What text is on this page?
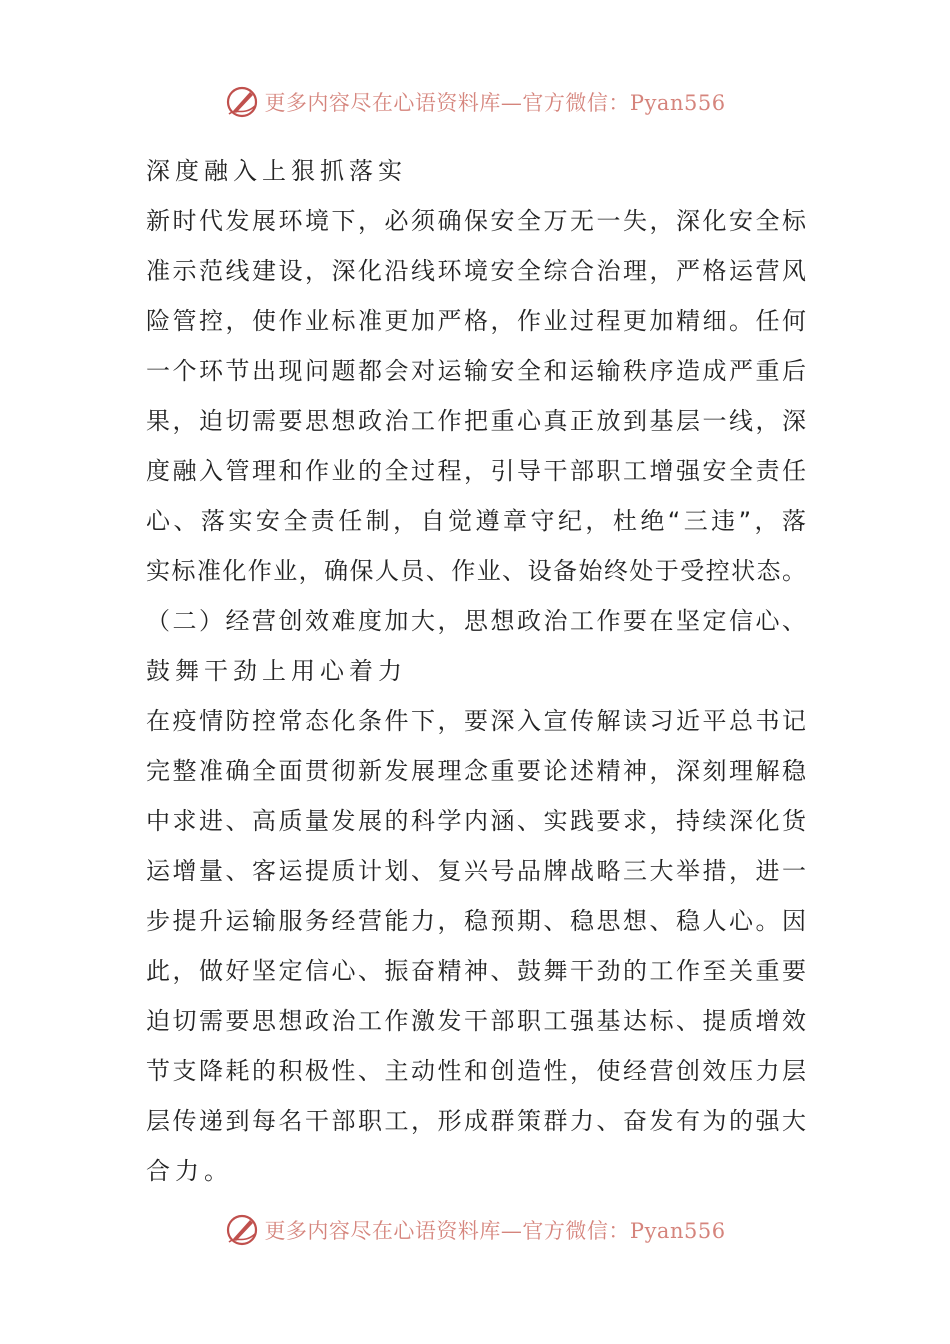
更多内容尽在心语资料库—官方微信：Pyan556
深度融入上狠抓落实
新时代发展环境下，必须确保安全万无一失，深化安全标
准示范线建设，深化沿线环境安全综合治理，严格运营风
险管控，使作业标准更加严格，作业过程更加精细。任何
一个环节出现问题都会对运输安全和运输秩序造成严重后
果，迫切需要思想政治工作把重心真正放到基层一线，深
度融入管理和作业的全过程，引导干部职工增强安全责任
心、落实安全责任制，自觉遵章守纪，杜绝“三违”，落
实标准化作业，确保人员、作业、设备始终处于受控状态。
（二）经营创效难度加大，思想政治工作要在坚定信心、
鼓舞干劲上用心着力
在疫情防控常态化条件下，要深入宣传解读习近平总书记
完整准确全面贯彻新发展理念重要论述精神，深刻理解稳
中求进、高质量发展的科学内涵、实践要求，持续深化货
运增量、客运提质计划、复兴号品牌战略三大举措，进一
步提升运输服务经营能力，稳预期、稳思想、稳人心。因
此，做好坚定信心、振奋精神、鼓舞干劲的工作至关重要
迫切需要思想政治工作激发干部职工强基达标、提质增效
节支降耗的积极性、主动性和创造性，使经营创效压力层
层传递到每名干部职工，形成群策群力、奋发有为的强大
合力。
更多内容尽在心语资料库—官方微信：Pyan556
